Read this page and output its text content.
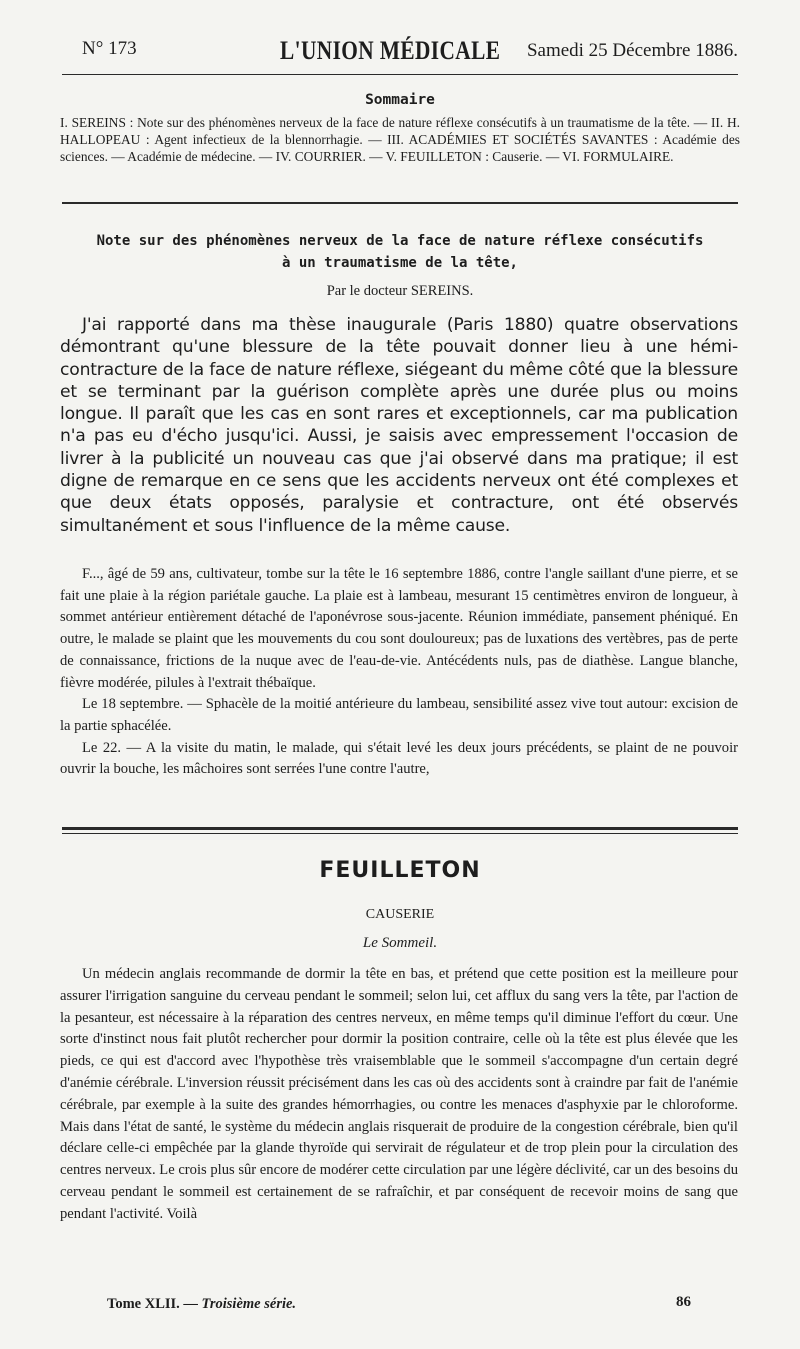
N° 173	L'UNION MÉDICALE Samedi 25 Décembre 1886.
Sommaire
I. SEREINS : Note sur des phénomènes nerveux de la face de nature réflexe consécutifs à un traumatisme de la tête. — II. H. HALLOPEAU : Agent infectieux de la blennorrhagie. — III. ACADÉMIES ET SOCIÉTÉS SAVANTES : Académie des sciences. — Académie de médecine. — IV. COURRIER. — V. FEUILLETON : Causerie. — VI. FORMULAIRE.
Note sur des phénomènes nerveux de la face de nature réflexe consécutifs
à un traumatisme de la tête,
Par le docteur SEREINS.

J'ai rapporté dans ma thèse inaugurale (Paris 1880) quatre observations démontrant qu'une blessure de la tête pouvait donner lieu à une hémi-contracture de la face de nature réflexe, siégeant du même côté que la blessure et se terminant par la guérison complète après une durée plus ou moins longue. Il paraît que les cas en sont rares et exceptionnels, car ma publication n'a pas eu d'écho jusqu'ici. Aussi, je saisis avec empressement l'occasion de livrer à la publicité un nouveau cas que j'ai observé dans ma pratique; il est digne de remarque en ce sens que les accidents nerveux ont été complexes et que deux états opposés, paralysie et contracture, ont été observés simultanément et sous l'influence de la même cause.

F..., âgé de 59 ans, cultivateur, tombe sur la tête le 16 septembre 1886, contre l'angle saillant d'une pierre, et se fait une plaie à la région pariétale gauche. La plaie est à lambeau, mesurant 15 centimètres environ de longueur, à sommet antérieur entièrement détaché de l'aponévrose sous-jacente. Réunion immédiate, pansement phéniqué. En outre, le malade se plaint que les mouvements du cou sont douloureux; pas de luxations des vertèbres, pas de perte de connaissance, frictions de la nuque avec de l'eau-de-vie. Antécédents nuls, pas de diathèse. Langue blanche, fièvre modérée, pilules à l'extrait thébaïque.

Le 18 septembre. — Sphacèle de la moitié antérieure du lambeau, sensibilité assez vive tout autour: excision de la partie sphacélée.

Le 22. — A la visite du matin, le malade, qui s'était levé les deux jours précédents, se plaint de ne pouvoir ouvrir la bouche, les mâchoires sont serrées l'une contre l'autre,

FEUILLETON
CAUSERIE
Le Sommeil.

Un médecin anglais recommande de dormir la tête en bas, et prétend que cette position est la meilleure pour assurer l'irrigation sanguine du cerveau pendant le sommeil; selon lui, cet afflux du sang vers la tête, par l'action de la pesanteur, est nécessaire à la réparation des centres nerveux, en même temps qu'il diminue l'effort du cœur. Une sorte d'instinct nous fait plutôt rechercher pour dormir la position contraire, celle où la tête est plus élevée que les pieds, ce qui est d'accord avec l'hypothèse très vraisemblable que le sommeil s'accompagne d'un certain degré d'anémie cérébrale. L'inversion réussit précisément dans les cas où des accidents sont à craindre par fait de l'anémie cérébrale, par exemple à la suite des grandes hémorrhagies, ou contre les menaces d'asphyxie par le chloroforme. Mais dans l'état de santé, le système du médecin anglais risquerait de produire de la congestion cérébrale, bien qu'il déclare celle-ci empêchée par la glande thyroïde qui servirait de régulateur et de trop plein pour la circulation des centres nerveux. Le crois plus sûr encore de modérer cette circulation par une légère déclivité, car un des besoins du cerveau pendant le sommeil est certainement de se rafraîchir, et par conséquent de recevoir moins de sang que pendant l'activité. Voilà

Tome XLII. — Troisième série.	86
